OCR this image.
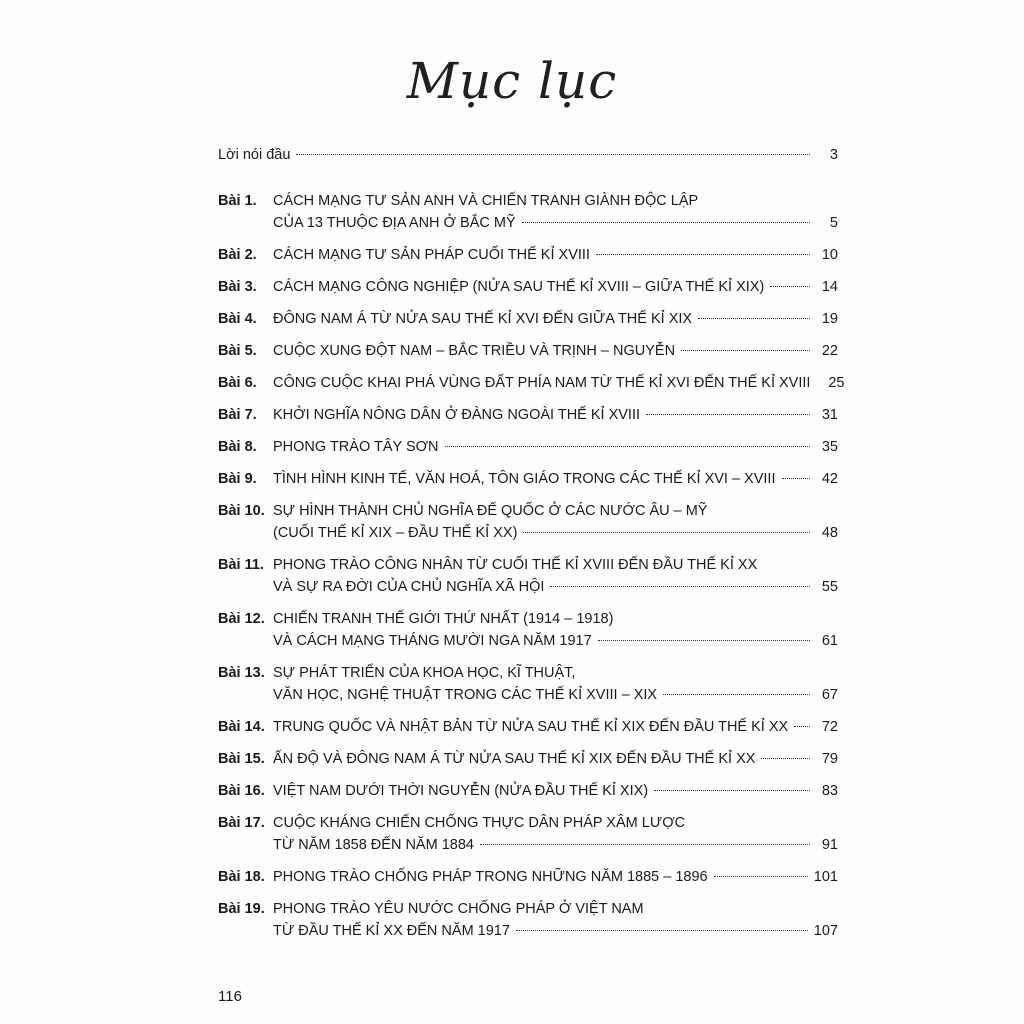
Mục lục
Lời nói đầu	3
Bài 1.	CÁCH MẠNG TƯ SẢN ANH VÀ CHIẾN TRANH GIÀNH ĐỘC LẬP
CỦA 13 THUỘC ĐỊA ANH Ở BẮC MỸ	5
Bài 2.	CÁCH MẠNG TƯ SẢN PHÁP CUỐI THẾ KỈ XVIII	10
Bài 3.	CÁCH MẠNG CÔNG NGHIỆP (NỬA SAU THẾ KỈ XVIII – GIỮA THẾ KỈ XIX)	14
Bài 4.	ĐÔNG NAM Á TỪ NỬA SAU THẾ KỈ XVI ĐẾN GIỮA THẾ KỈ XIX	19
Bài 5.	CUỘC XUNG ĐỘT NAM – BẮC TRIỀU VÀ TRỊNH – NGUYỄN	22
Bài 6.	CÔNG CUỘC KHAI PHÁ VÙNG ĐẤT PHÍA NAM TỪ THẾ KỈ XVI ĐẾN THẾ KỈ XVIII	25
Bài 7.	KHỞI NGHĨA NÔNG DÂN Ở ĐÀNG NGOÀI THẾ KỈ XVIII	31
Bài 8.	PHONG TRÀO TÂY SƠN	35
Bài 9.	TÌNH HÌNH KINH TẾ, VĂN HOÁ, TÔN GIÁO TRONG CÁC THẾ KỈ XVI – XVIII	42
Bài 10. SỰ HÌNH THÀNH CHỦ NGHĨA ĐẾ QUỐC Ở CÁC NƯỚC ÂU – MỸ
(CUỐI THẾ KỈ XIX – ĐẦU THẾ KỈ XX)	48
Bài 11. PHONG TRÀO CÔNG NHÂN TỪ CUỐI THẾ KỈ XVIII ĐẾN ĐẦU THẾ KỈ XX
VÀ SỰ RA ĐỜI CỦA CHỦ NGHĨA XÃ HỘI	55
Bài 12. CHIẾN TRANH THẾ GIỚI THỨ NHẤT (1914 – 1918)
VÀ CÁCH MẠNG THÁNG MƯỜI NGA NĂM 1917	61
Bài 13. SỰ PHÁT TRIỂN CỦA KHOA HỌC, KĨ THUẬT,
VĂN HỌC, NGHỆ THUẬT TRONG CÁC THẾ KỈ XVIII – XIX	67
Bài 14. TRUNG QUỐC VÀ NHẬT BẢN TỪ NỬA SAU THẾ KỈ XIX ĐẾN ĐẦU THẾ KỈ XX	72
Bài 15. ẤN ĐỘ VÀ ĐÔNG NAM Á TỪ NỬA SAU THẾ KỈ XIX ĐẾN ĐẦU THẾ KỈ XX	79
Bài 16. VIỆT NAM DƯỚI THỜI NGUYỄN (NỬA ĐẦU THẾ KỈ XIX)	83
Bài 17. CUỘC KHÁNG CHIẾN CHỐNG THỰC DÂN PHÁP XÂM LƯỢC
TỪ NĂM 1858 ĐẾN NĂM 1884	91
Bài 18. PHONG TRÀO CHỐNG PHÁP TRONG NHỮNG NĂM 1885 – 1896	101
Bài 19. PHONG TRÀO YÊU NƯỚC CHỐNG PHÁP Ở VIỆT NAM
TỪ ĐẦU THẾ KỈ XX ĐẾN NĂM 1917	107
116
